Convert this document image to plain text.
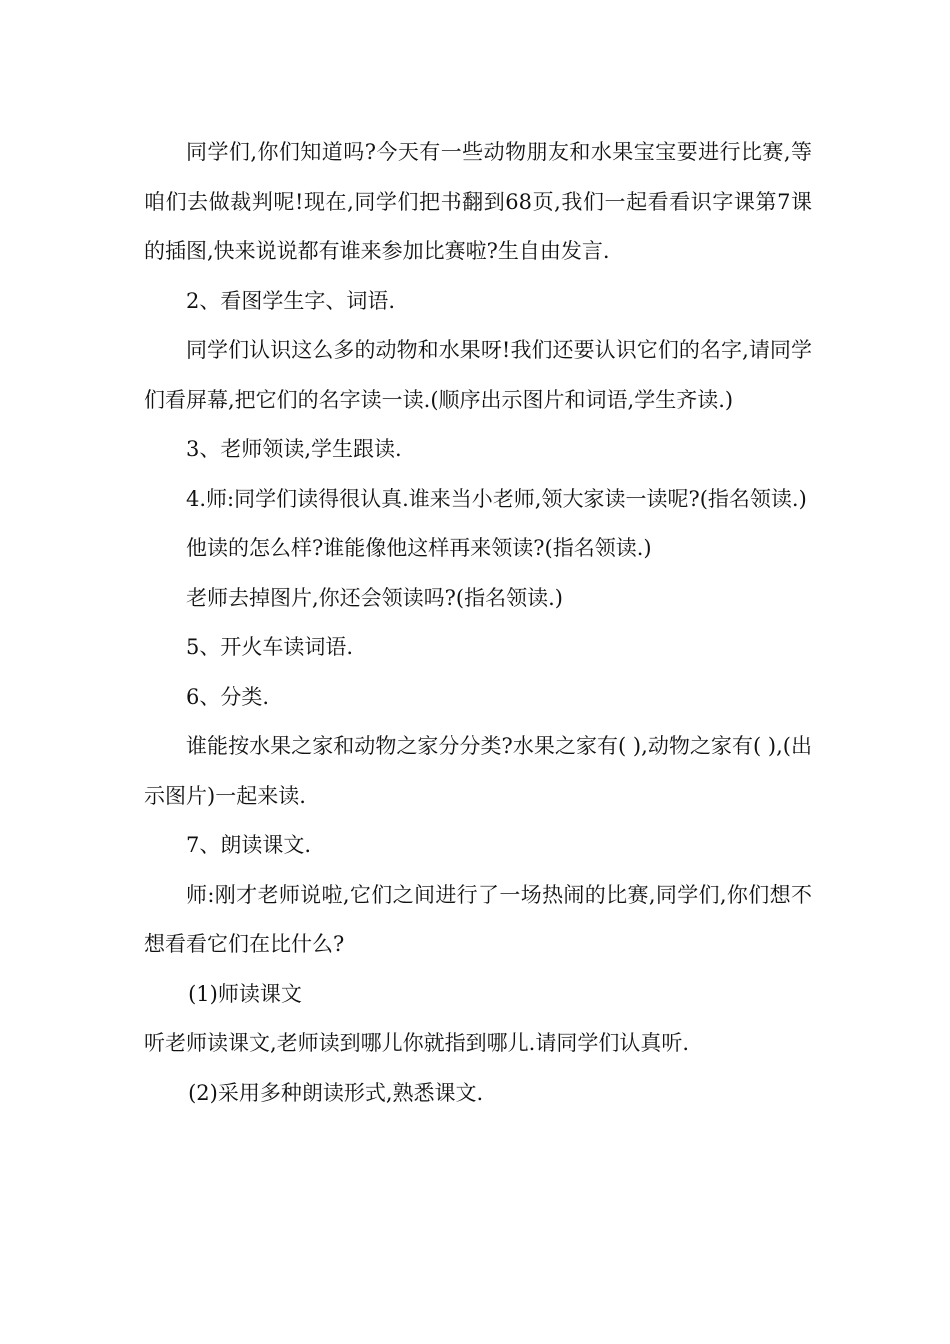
同学们,你们知道吗?今天有一些动物朋友和水果宝宝要进行比赛,等咱们去做裁判呢!现在,同学们把书翻到68页,我们一起看看识字课第7课的插图,快来说说都有谁来参加比赛啦?生自由发言.

2、看图学生字、词语.

同学们认识这么多的动物和水果呀!我们还要认识它们的名字,请同学们看屏幕,把它们的名字读一读.(顺序出示图片和词语,学生齐读.)

3、老师领读,学生跟读.

4.师:同学们读得很认真.谁来当小老师,领大家读一读呢?(指名领读.)

他读的怎么样?谁能像他这样再来领读?(指名领读.)

老师去掉图片,你还会领读吗?(指名领读.)

5、开火车读词语.

6、分类.

谁能按水果之家和动物之家分分类?水果之家有( ),动物之家有( ),(出示图片)一起来读.

7、朗读课文.

师:刚才老师说啦,它们之间进行了一场热闹的比赛,同学们,你们想不想看看它们在比什么?

(1)师读课文

听老师读课文,老师读到哪儿你就指到哪儿.请同学们认真听.

(2)采用多种朗读形式,熟悉课文.
